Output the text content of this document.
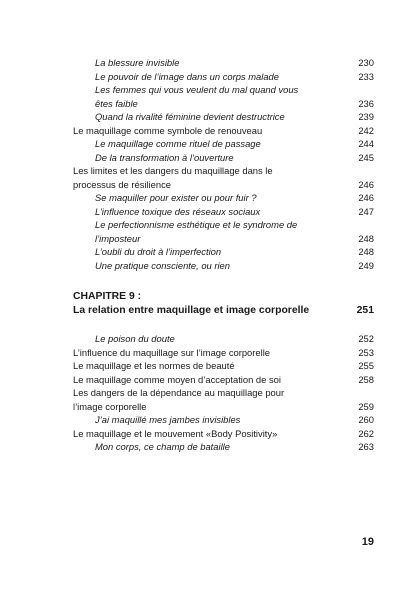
La blessure invisible	230
Le pouvoir de l’image dans un corps malade	233
Les femmes qui vous veulent du mal quand vous
êtes faible	236
Quand la rivalité féminine devient destructrice	239
Le maquillage comme symbole de renouveau	242
Le maquillage comme rituel de passage	244
De la transformation à l’ouverture	245
Les limites et les dangers du maquillage dans le
processus de résilience	246
Se maquiller pour exister ou pour fuir ?	246
L’influence toxique des réseaux sociaux	247
Le perfectionnisme esthétique et le syndrome de
l’imposteur	248
L’oubli du droit à l’imperfection	248
Une pratique consciente, ou rien	249
CHAPITRE 9 :
La relation entre maquillage et image corporelle	251
Le poison du doute	252
L’influence du maquillage sur l’image corporelle	253
Le maquillage et les normes de beauté	255
Le maquillage comme moyen d’acceptation de soi	258
Les dangers de la dépendance au maquillage pour
l’image corporelle	259
J’ai maquillé mes jambes invisibles	260
Le maquillage et le mouvement «Body Positivity»	262
Mon corps, ce champ de bataille	263
19
